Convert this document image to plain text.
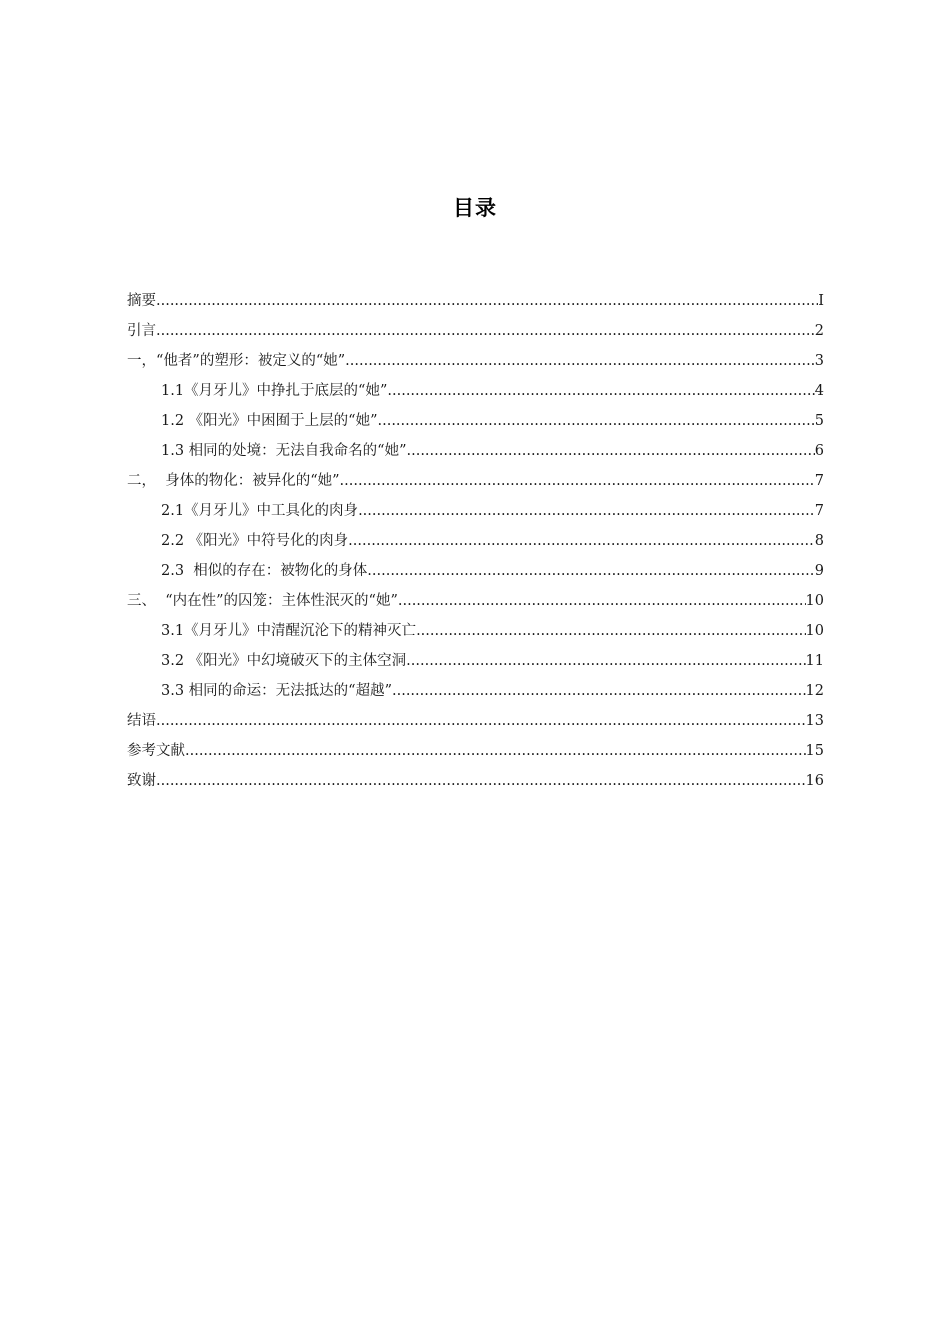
目录
摘要 .....	I
引言 .....	2
一，“他者”的塑形：被定义的“她” .....	3
1.1《月牙儿》中挣扎于底层的“她” .....	4
1.2 《阳光》中困囿于上层的“她” .....	5
1.3 相同的处境：无法自我命名的“她” .....	6
二，  身体的物化：被异化的“她” .....	7
2.1《月牙儿》中工具化的肉身 .....	7
2.2 《阳光》中符号化的肉身 .....	8
2.3  相似的存在：被物化的身体 .....	9
三、  “内在性”的囚笼：主体性泯灭的“她” .....	10
3.1《月牙儿》中清醒沉沦下的精神灭亡 .....	10
3.2 《阳光》中幻境破灭下的主体空洞 .....	11
3.3 相同的命运：无法抵达的“超越” .....	12
结语 .....	13
参考文献 .....	15
致谢 .....	16
